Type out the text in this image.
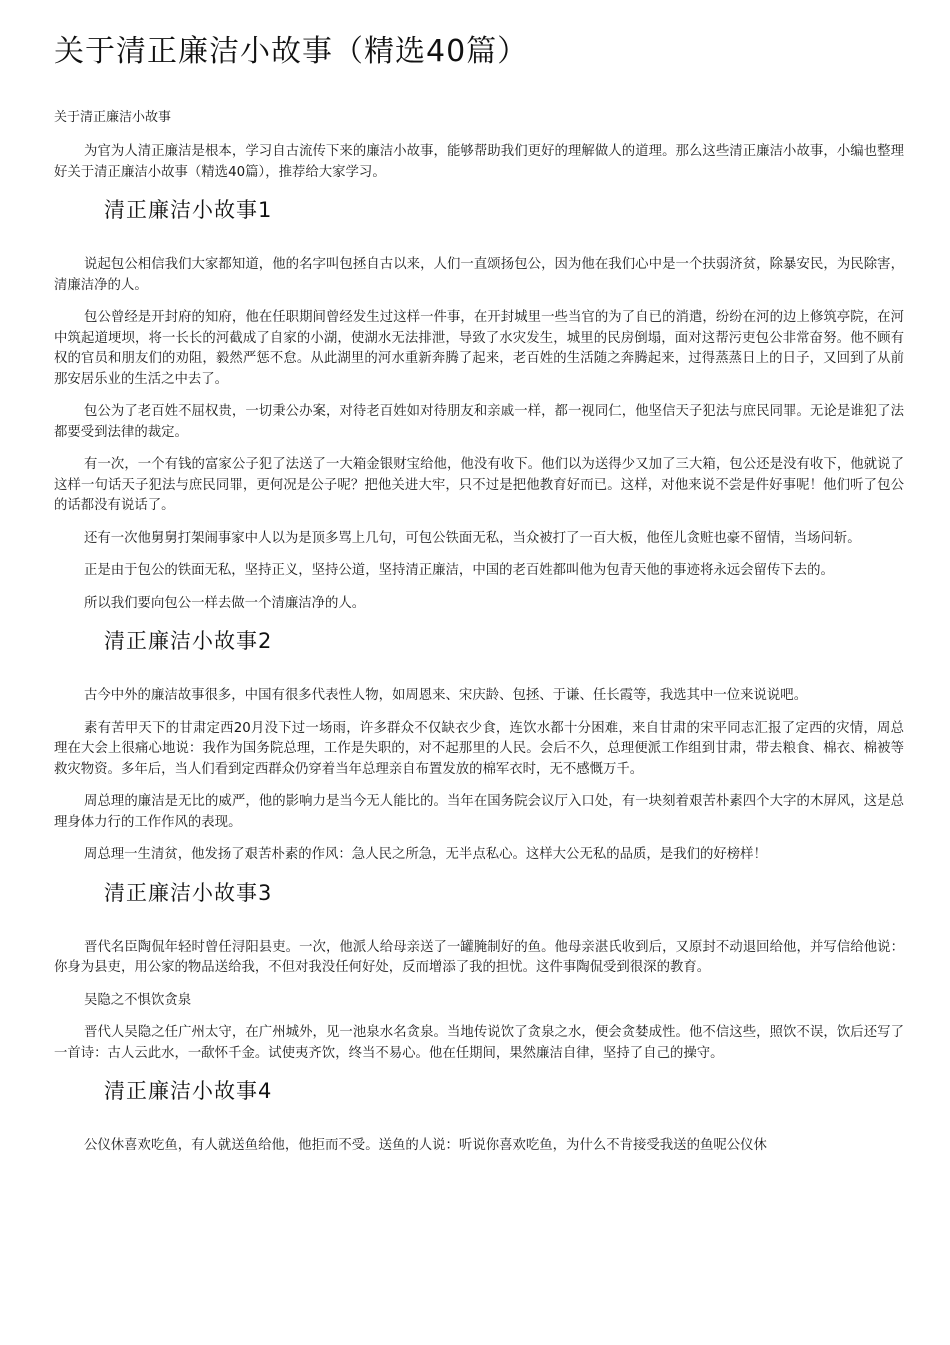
关于清正廉洁小故事（精选40篇）
关于清正廉洁小故事

为官为人清正廉洁是根本，学习自古流传下来的廉洁小故事，能够帮助我们更好的理解做人的道理。那么这些清正廉洁小故事，小编也整理好关于清正廉洁小故事（精选40篇），推荐给大家学习。

清正廉洁小故事1

说起包公相信我们大家都知道，他的名字叫包拯自古以来，人们一直颂扬包公，因为他在我们心中是一个扶弱济贫，除暴安民，为民除害，清廉洁净的人。

包公曾经是开封府的知府，他在任职期间曾经发生过这样一件事，在开封城里一些当官的为了自已的消遣，纷纷在河的边上修筑亭院，在河中筑起道埂坝，将一长长的河截成了自家的小湖，使湖水无法排泄，导致了水灾发生，城里的民房倒塌，面对这帮污吏包公非常奋努。他不顾有权的官员和朋友们的劝阻，毅然严惩不怠。从此湖里的河水重新奔腾了起来，老百姓的生活随之奔腾起来，过得蒸蒸日上的日子，又回到了从前那安居乐业的生活之中去了。

包公为了老百姓不屈权贵，一切秉公办案，对待老百姓如对待朋友和亲戚一样，都一视同仁，他坚信天子犯法与庶民同罪。无论是谁犯了法都要受到法律的裁定。

有一次，一个有钱的富家公子犯了法送了一大箱金银财宝给他，他没有收下。他们以为送得少又加了三大箱，包公还是没有收下，他就说了这样一句话天子犯法与庶民同罪，更何况是公子呢？把他关进大牢，只不过是把他教育好而已。这样，对他来说不尝是件好事呢！他们听了包公的话都没有说话了。

还有一次他舅舅打架闹事家中人以为是顶多骂上几句，可包公铁面无私，当众被打了一百大板，他侄儿贪赃也豪不留情，当场问斩。

正是由于包公的铁面无私，坚持正义，坚持公道，坚持清正廉洁，中国的老百姓都叫他为包青天他的事迹将永远会留传下去的。

所以我们要向包公一样去做一个清廉洁净的人。

清正廉洁小故事2

古今中外的廉洁故事很多，中国有很多代表性人物，如周恩来、宋庆龄、包拯、于谦、任长霞等，我选其中一位来说说吧。

素有苦甲天下的甘肃定西20月没下过一场雨，许多群众不仅缺衣少食，连饮水都十分困难，来自甘肃的宋平同志汇报了定西的灾情，周总理在大会上很痛心地说：我作为国务院总理，工作是失职的，对不起那里的人民。会后不久，总理便派工作组到甘肃，带去粮食、棉衣、棉被等救灾物资。多年后，当人们看到定西群众仍穿着当年总理亲自布置发放的棉军衣时，无不感慨万千。

周总理的廉洁是无比的威严，他的影响力是当今无人能比的。当年在国务院会议厅入口处，有一块刻着艰苦朴素四个大字的木屏风，这是总理身体力行的工作作风的表现。

周总理一生清贫，他发扬了艰苦朴素的作风：急人民之所急，无半点私心。这样大公无私的品质，是我们的好榜样！

清正廉洁小故事3

晋代名臣陶侃年轻时曾任浔阳县吏。一次，他派人给母亲送了一罐腌制好的鱼。他母亲湛氏收到后，又原封不动退回给他，并写信给他说：你身为县吏，用公家的物品送给我，不但对我没任何好处，反而增添了我的担忧。这件事陶侃受到很深的教育。

吴隐之不惧饮贪泉

晋代人吴隐之任广州太守，在广州城外，见一池泉水名贪泉。当地传说饮了贪泉之水，便会贪婪成性。他不信这些，照饮不误，饮后还写了一首诗：古人云此水，一歃怀千金。试使夷齐饮，终当不易心。他在任期间，果然廉洁自律，坚持了自己的操守。

清正廉洁小故事4

公仪休喜欢吃鱼，有人就送鱼给他，他拒而不受。送鱼的人说：听说你喜欢吃鱼，为什么不肯接受我送的鱼呢公仪休
